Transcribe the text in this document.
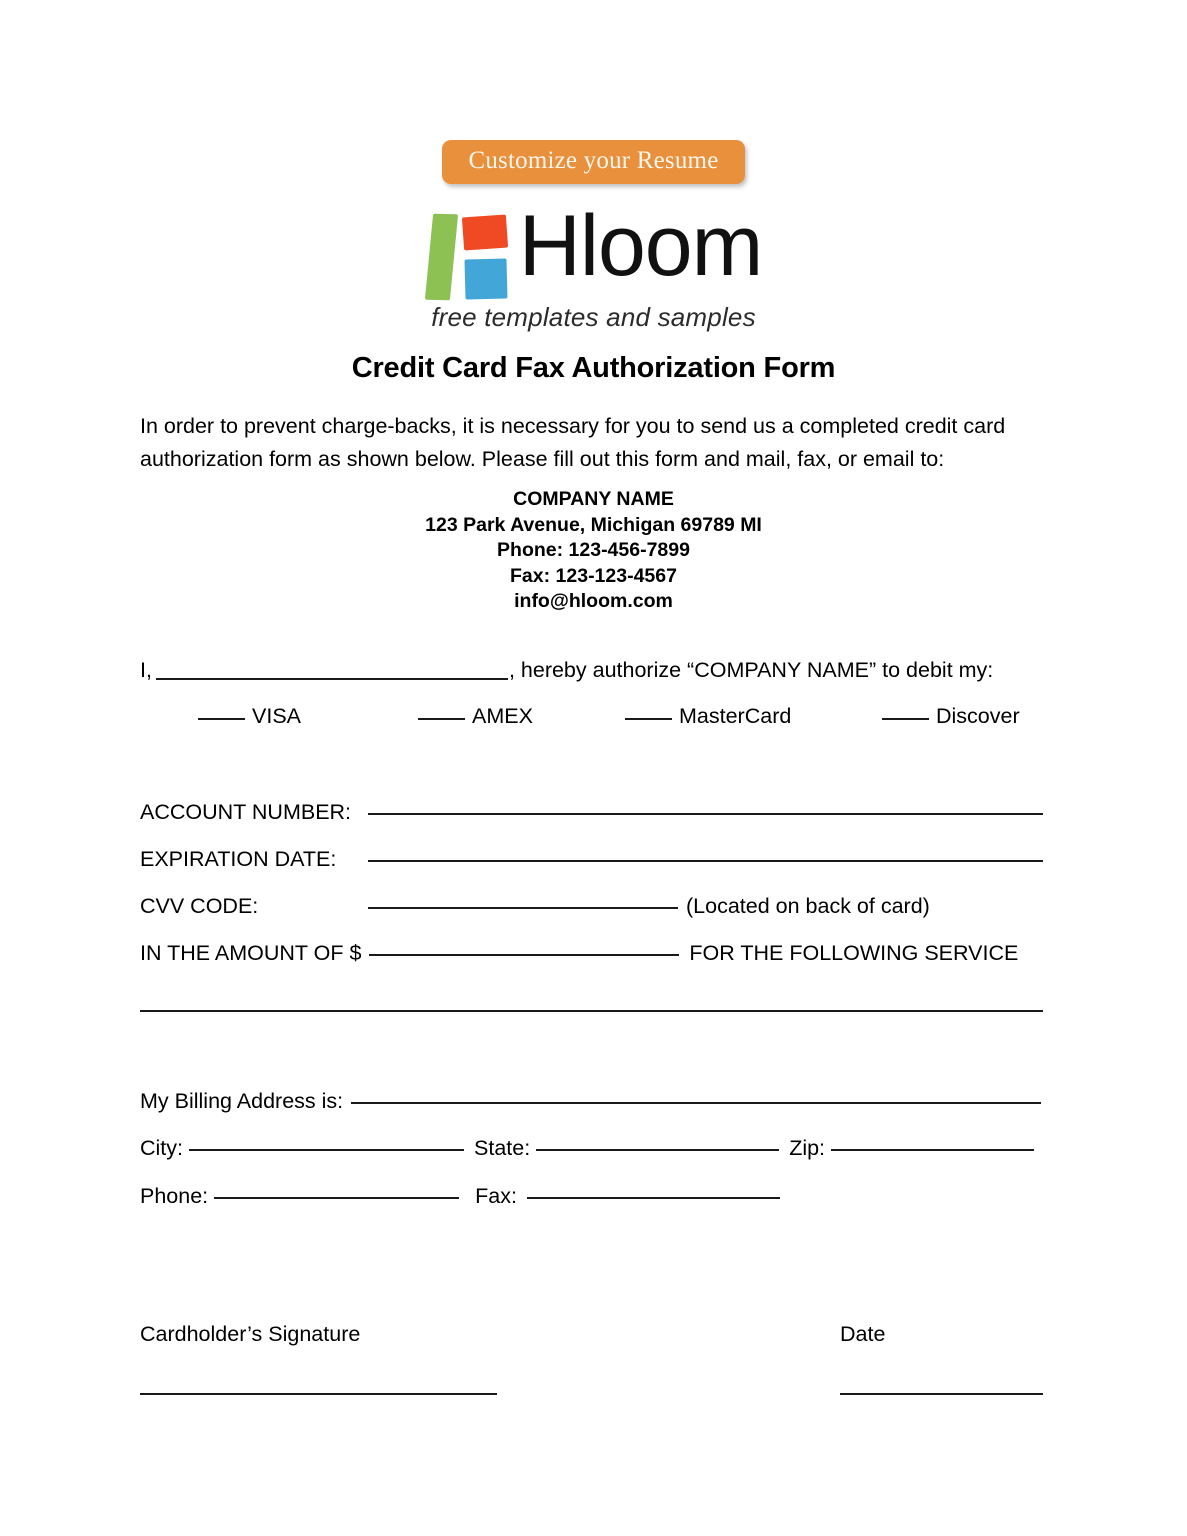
Customize your Resume
Hloom
free templates and samples
Credit Card Fax Authorization Form
In order to prevent charge-backs, it is necessary for you to send us a completed credit card authorization form as shown below. Please fill out this form and mail, fax, or email to:
COMPANY NAME
123 Park Avenue, Michigan 69789 MI
Phone: 123-456-7899
Fax: 123-123-4567
info@hloom.com
I,	, hereby authorize “COMPANY NAME” to debit my:
VISA	AMEX	MasterCard	Discover
ACCOUNT NUMBER:
EXPIRATION DATE:
CVV CODE:	(Located on back of card)
IN THE AMOUNT OF $	FOR THE FOLLOWING SERVICE
My Billing Address is:
City:	State:	Zip:
Phone:	Fax:
Cardholder’s Signature	Date
